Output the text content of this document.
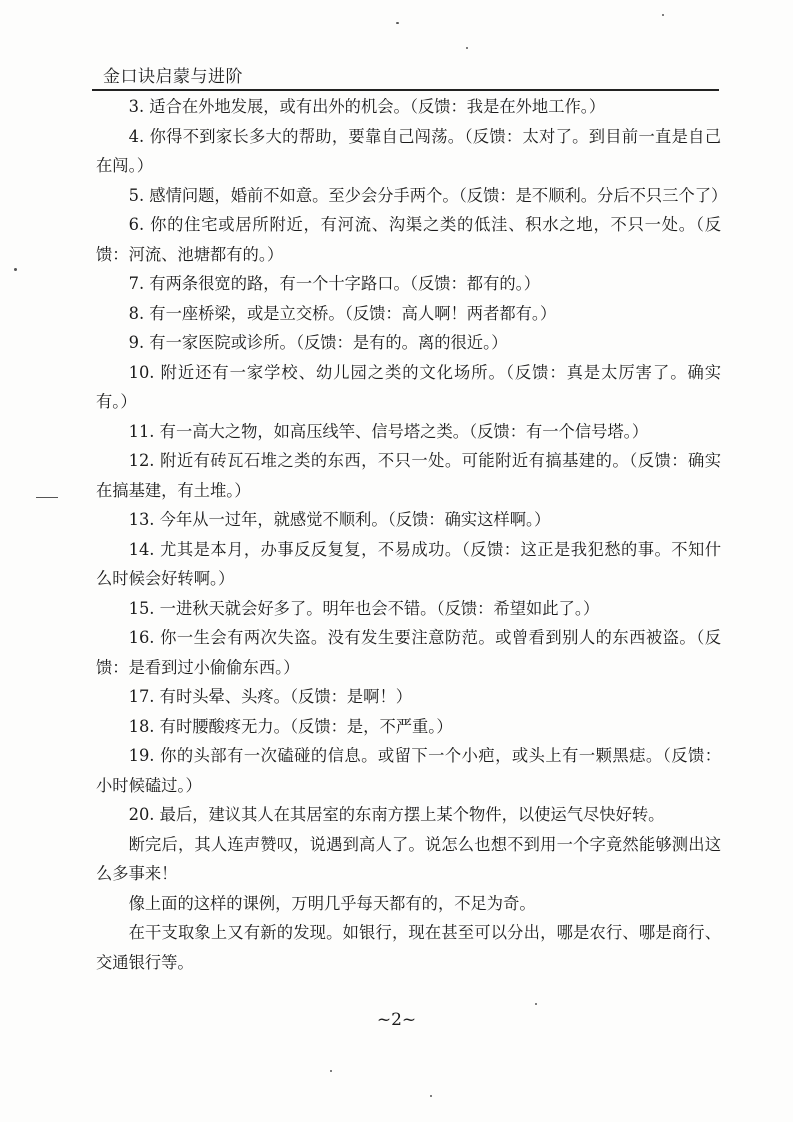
金口诀启蒙与进阶

3. 适合在外地发展，或有出外的机会。（反馈：我是在外地工作。）

4. 你得不到家长多大的帮助，要靠自己闯荡。（反馈：太对了。到目前一直是自己在闯。）

5. 感情问题，婚前不如意。至少会分手两个。（反馈：是不顺利。分后不只三个了）

6. 你的住宅或居所附近，有河流、沟渠之类的低洼、积水之地，不只一处。（反馈：河流、池塘都有的。）

7. 有两条很宽的路，有一个十字路口。（反馈：都有的。）

8. 有一座桥梁，或是立交桥。（反馈：高人啊！两者都有。）

9. 有一家医院或诊所。（反馈：是有的。离的很近。）

10. 附近还有一家学校、幼儿园之类的文化场所。（反馈：真是太厉害了。确实有。）

11. 有一高大之物，如高压线竿、信号塔之类。（反馈：有一个信号塔。）

12. 附近有砖瓦石堆之类的东西，不只一处。可能附近有搞基建的。（反馈：确实在搞基建，有土堆。）

13. 今年从一过年，就感觉不顺利。（反馈：确实这样啊。）

14. 尤其是本月，办事反反复复，不易成功。（反馈：这正是我犯愁的事。不知什么时候会好转啊。）

15. 一进秋天就会好多了。明年也会不错。（反馈：希望如此了。）

16. 你一生会有两次失盗。没有发生要注意防范。或曾看到别人的东西被盗。（反馈：是看到过小偷偷东西。）

17. 有时头晕、头疼。（反馈：是啊！）

18. 有时腰酸疼无力。（反馈：是，不严重。）

19. 你的头部有一次磕碰的信息。或留下一个小疤，或头上有一颗黑痣。（反馈：小时候磕过。）

20. 最后，建议其人在其居室的东南方摆上某个物件，以使运气尽快好转。

断完后，其人连声赞叹，说遇到高人了。说怎么也想不到用一个字竟然能够测出这么多事来！

像上面的这样的课例，万明几乎每天都有的，不足为奇。

在干支取象上又有新的发现。如银行，现在甚至可以分出，哪是农行、哪是商行、交通银行等。

~2~
